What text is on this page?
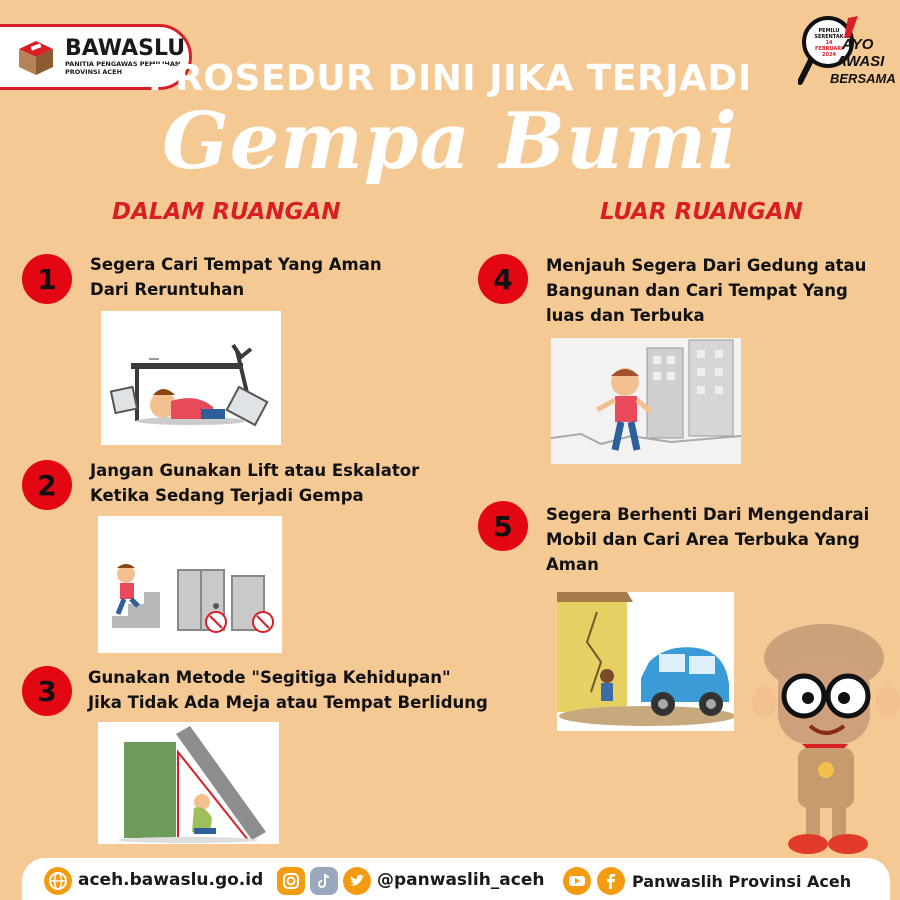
BAWASLU
PANITIA PENGAWAS PEMILIHAN
PROVINSI ACEH
PEMILU
SERENTAK
14 FEBRUARI
2024
AYO
AWASI
BERSAMA
PROSEDUR DINI JIKA TERJADI
Gempa Bumi
DALAM RUANGAN	LUAR RUANGAN
1	Segera Cari Tempat Yang Aman
Dari Reruntuhan
2	Jangan Gunakan Lift atau Eskalator
Ketika Sedang Terjadi Gempa
3	Gunakan Metode "Segitiga Kehidupan"
Jika Tidak Ada Meja atau Tempat Berlidung
4	Menjauh Segera Dari Gedung atau
Bangunan dan Cari Tempat Yang
luas dan Terbuka
5	Segera Berhenti Dari Mengendarai
Mobil dan Cari Area Terbuka Yang
Aman
aceh.bawaslu.go.id	@panwaslih_aceh	Panwaslih Provinsi Aceh
